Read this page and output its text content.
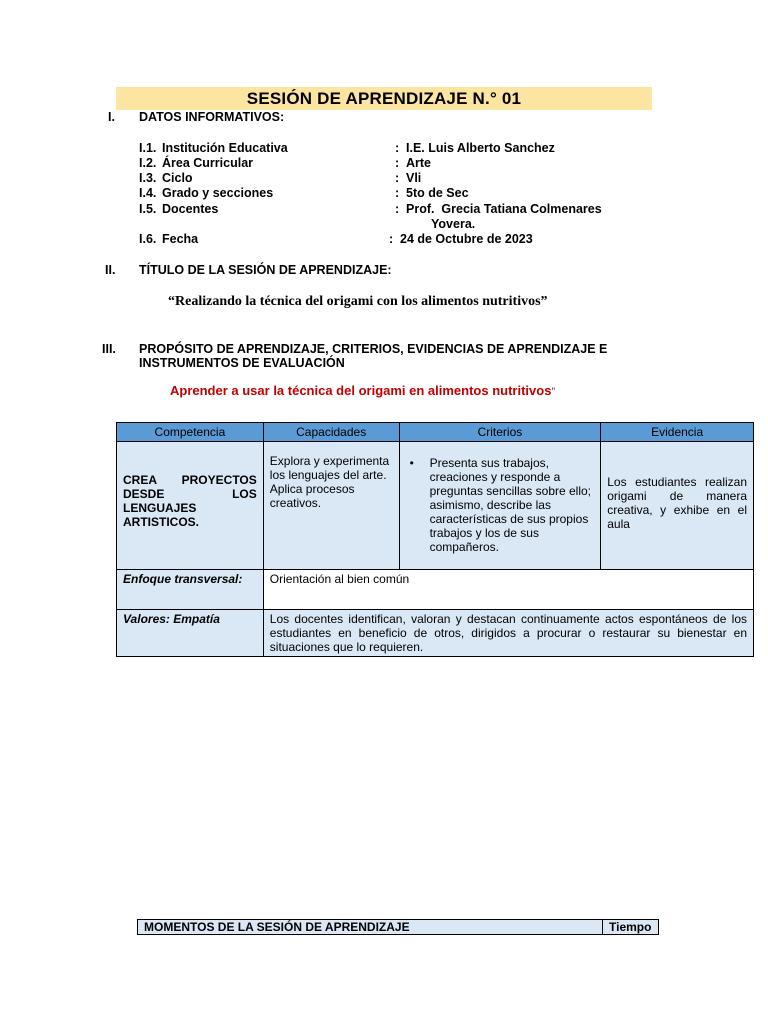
SESIÓN DE APRENDIZAJE N.° 01
I. DATOS INFORMATIVOS:
I.1. Institución Educativa	: I.E. Luis Alberto Sanchez
I.2. Área Curricular	: Arte
I.3. Ciclo	: Vli
I.4. Grado y secciones	: 5to de Sec
I.5. Docentes	: Prof.  Grecia Tatiana Colmenares
Yovera.
I.6. Fecha	: 24 de Octubre de 2023
II. TÍTULO DE LA SESIÓN DE APRENDIZAJE:
“Realizando la técnica del origami con los alimentos nutritivos”
III. PROPÓSITO DE APRENDIZAJE, CRITERIOS, EVIDENCIAS DE APRENDIZAJE E
INSTRUMENTOS DE EVALUACIÓN
Aprender a usar la técnica del origami en alimentos nutritivos”
Competencia	Capacidades	Criterios	Evidencia

CREA PROYECTOS DESDE LOS LENGUAJES ARTISTICOS.	Explora y experimenta los lenguajes del arte. Aplica procesos creativos.	• Presenta sus trabajos, creaciones y responde a preguntas sencillas sobre ello; asimismo, describe las características de sus propios trabajos y los de sus compañeros.	Los estudiantes realizan origami de manera creativa, y exhibe en el aula

Enfoque transversal:	Orientación al bien común		
Valores: Empatía	Los docentes identifican, valoran y destacan continuamente actos espontáneos de los estudiantes en beneficio de otros, dirigidos a procurar o restaurar su bienestar en situaciones que lo requieren.		
MOMENTOS DE LA SESIÓN DE APRENDIZAJE	Tiempo
